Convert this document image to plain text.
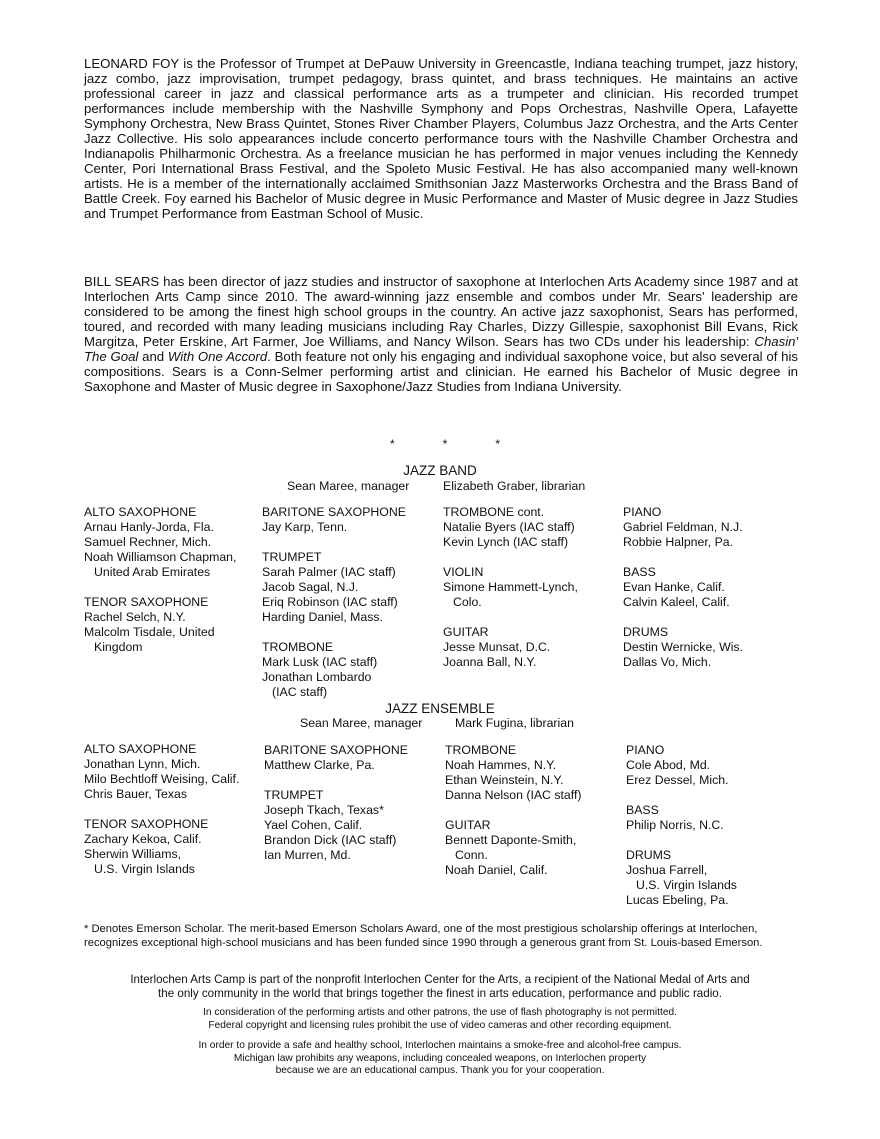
LEONARD FOY is the Professor of Trumpet at DePauw University in Greencastle, Indiana teaching trumpet, jazz history, jazz combo, jazz improvisation, trumpet pedagogy, brass quintet, and brass techniques. He maintains an active professional career in jazz and classical performance arts as a trumpeter and clinician. His recorded trumpet performances include membership with the Nashville Symphony and Pops Orchestras, Nashville Opera, Lafayette Symphony Orchestra, New Brass Quintet, Stones River Chamber Players, Columbus Jazz Orchestra, and the Arts Center Jazz Collective. His solo appearances include concerto performance tours with the Nashville Chamber Orchestra and Indianapolis Philharmonic Orchestra. As a freelance musician he has performed in major venues including the Kennedy Center, Pori International Brass Festival, and the Spoleto Music Festival. He has also accompanied many well-known artists. He is a member of the internationally acclaimed Smithsonian Jazz Masterworks Orchestra and the Brass Band of Battle Creek. Foy earned his Bachelor of Music degree in Music Performance and Master of Music degree in Jazz Studies and Trumpet Performance from Eastman School of Music.

BILL SEARS has been director of jazz studies and instructor of saxophone at Interlochen Arts Academy since 1987 and at Interlochen Arts Camp since 2010. The award-winning jazz ensemble and combos under Mr. Sears' leadership are considered to be among the finest high school groups in the country. An active jazz saxophonist, Sears has performed, toured, and recorded with many leading musicians including Ray Charles, Dizzy Gillespie, saxophonist Bill Evans, Rick Margitza, Peter Erskine, Art Farmer, Joe Williams, and Nancy Wilson. Sears has two CDs under his leadership: Chasin' The Goal and With One Accord. Both feature not only his engaging and individual saxophone voice, but also several of his compositions. Sears is a Conn-Selmer performing artist and clinician. He earned his Bachelor of Music degree in Saxophone and Master of Music degree in Saxophone/Jazz Studies from Indiana University.

*	*	*
JAZZ BAND
Sean Maree, manager	Elizabeth Graber, librarian
ALTO SAXOPHONE
Arnau Hanly-Jorda, Fla.
Samuel Rechner, Mich.
Noah Williamson Chapman,
United Arab Emirates
TENOR SAXOPHONE
Rachel Selch, N.Y.
Malcolm Tisdale, United
Kingdom
BARITONE SAXOPHONE
Jay Karp, Tenn.
TRUMPET
Sarah Palmer (IAC staff)
Jacob Sagal, N.J.
Eriq Robinson (IAC staff)
Harding Daniel, Mass.
TROMBONE
Mark Lusk (IAC staff)
Jonathan Lombardo
(IAC staff)
TROMBONE cont.
Natalie Byers (IAC staff)
Kevin Lynch (IAC staff)
VIOLIN
Simone Hammett-Lynch,
Colo.
GUITAR
Jesse Munsat, D.C.
Joanna Ball, N.Y.
PIANO
Gabriel Feldman, N.J.
Robbie Halpner, Pa.
BASS
Evan Hanke, Calif.
Calvin Kaleel, Calif.
DRUMS
Destin Wernicke, Wis.
Dallas Vo, Mich.
JAZZ ENSEMBLE
Sean Maree, manager	Mark Fugina, librarian
ALTO SAXOPHONE
Jonathan Lynn, Mich.
Milo Bechtloff Weising, Calif.
Chris Bauer, Texas
TENOR SAXOPHONE
Zachary Kekoa, Calif.
Sherwin Williams,
U.S. Virgin Islands
BARITONE SAXOPHONE
Matthew Clarke, Pa.
TRUMPET
Joseph Tkach, Texas*
Yael Cohen, Calif.
Brandon Dick (IAC staff)
Ian Murren, Md.
TROMBONE
Noah Hammes, N.Y.
Ethan Weinstein, N.Y.
Danna Nelson (IAC staff)
GUITAR
Bennett Daponte-Smith,
Conn.
Noah Daniel, Calif.
PIANO
Cole Abod, Md.
Erez Dessel, Mich.
BASS
Philip Norris, N.C.
DRUMS
Joshua Farrell,
U.S. Virgin Islands
Lucas Ebeling, Pa.

* Denotes Emerson Scholar. The merit-based Emerson Scholars Award, one of the most prestigious scholarship offerings at Interlochen, recognizes exceptional high-school musicians and has been funded since 1990 through a generous grant from St. Louis-based Emerson.

Interlochen Arts Camp is part of the nonprofit Interlochen Center for the Arts, a recipient of the National Medal of Arts and
the only community in the world that brings together the finest in arts education, performance and public radio.
In consideration of the performing artists and other patrons, the use of flash photography is not permitted.
Federal copyright and licensing rules prohibit the use of video cameras and other recording equipment.
In order to provide a safe and healthy school, Interlochen maintains a smoke-free and alcohol-free campus.
Michigan law prohibits any weapons, including concealed weapons, on Interlochen property
because we are an educational campus. Thank you for your cooperation.
